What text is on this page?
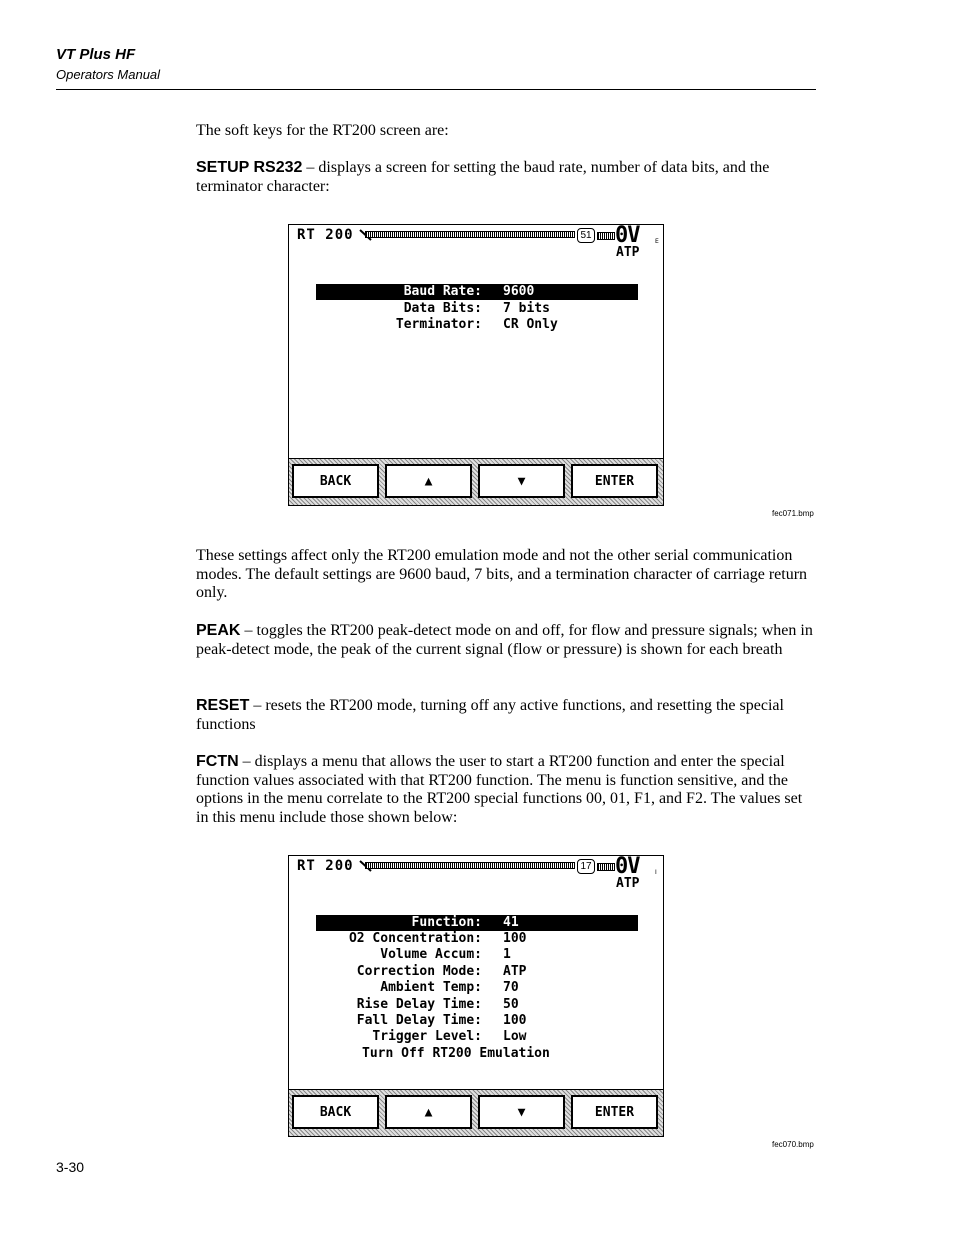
VT Plus HF
Operators Manual

The soft keys for the RT200 screen are:

SETUP RS232 – displays a screen for setting the baud rate, number of data bits, and the terminator character:

RT 200	51 0V	E
ATP
Baud Rate: 9600
Data Bits: 7 bits
Terminator: CR Only
BACK	▲	▼	ENTER
fec071.bmp

These settings affect only the RT200 emulation mode and not the other serial communication modes. The default settings are 9600 baud, 7 bits, and a termination character of carriage return only.

PEAK – toggles the RT200 peak-detect mode on and off, for flow and pressure signals; when in peak-detect mode, the peak of the current signal (flow or pressure) is shown for each breath

RESET – resets the RT200 mode, turning off any active functions, and resetting the special functions

FCTN – displays a menu that allows the user to start a RT200 function and enter the special function values associated with that RT200 function. The menu is function sensitive, and the options in the menu correlate to the RT200 special functions 00, 01, F1, and F2. The values set in this menu include those shown below:

RT 200	17 0V	I
ATP
Function: 41
O2 Concentration: 100
Volume Accum: 1
Correction Mode: ATP
Ambient Temp: 70
Rise Delay Time: 50
Fall Delay Time: 100
Trigger Level: Low
Turn Off RT200 Emulation
BACK	▲	▼	ENTER
fec070.bmp
3-30
